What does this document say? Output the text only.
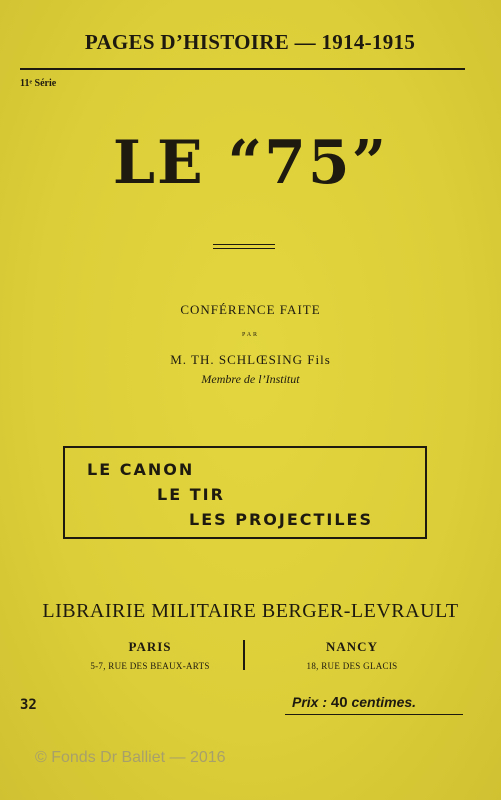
PAGES D’HISTOIRE — 1914-1915
11ᵉ Série
LE “75”
CONFÉRENCE FAITE
PAR
M. TH. SCHLŒSING Fils
Membre de l’Institut
LE CANON
LE TIR
LES PROJECTILES
LIBRAIRIE MILITAIRE BERGER-LEVRAULT
PARIS
5-7, RUE DES BEAUX-ARTS
NANCY
18, RUE DES GLACIS
32	Prix : 40 centimes.
© Fonds Dr Balliet — 2016
